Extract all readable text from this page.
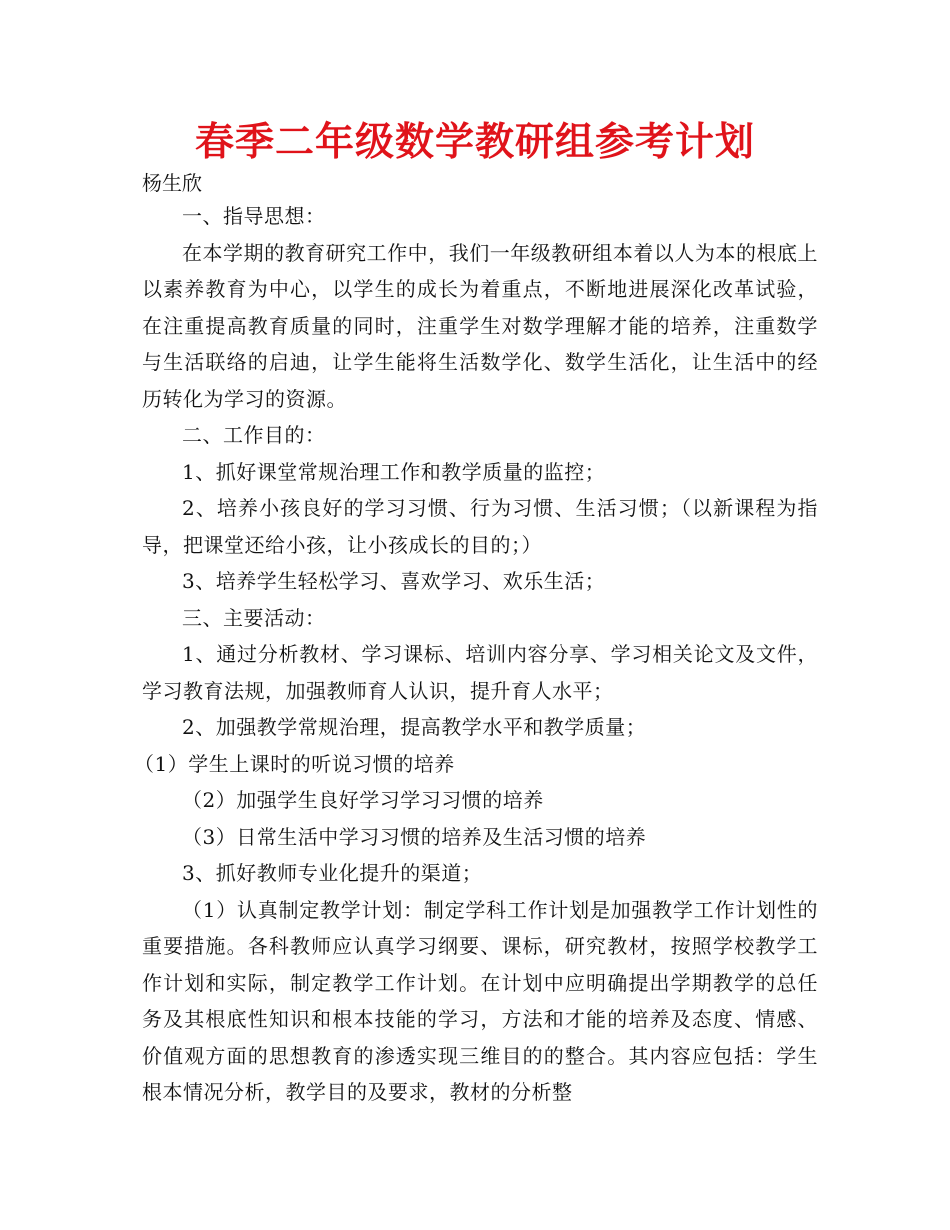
春季二年级数学教研组参考计划
杨生欣

一、指导思想：

在本学期的教育研究工作中，我们一年级教研组本着以人为本的根底上以素养教育为中心，以学生的成长为着重点，不断地进展深化改革试验，在注重提高教育质量的同时，注重学生对数学理解才能的培养，注重数学与生活联络的启迪，让学生能将生活数学化、数学生活化，让生活中的经历转化为学习的资源。

二、工作目的：

1、抓好课堂常规治理工作和教学质量的监控；

2、培养小孩良好的学习习惯、行为习惯、生活习惯；（以新课程为指导，把课堂还给小孩，让小孩成长的目的；）

3、培养学生轻松学习、喜欢学习、欢乐生活；

三、主要活动：

1、通过分析教材、学习课标、培训内容分享、学习相关论文及文件，学习教育法规，加强教师育人认识，提升育人水平；

2、加强教学常规治理，提高教学水平和教学质量；

（1）学生上课时的听说习惯的培养

（2）加强学生良好学习学习习惯的培养

（3）日常生活中学习习惯的培养及生活习惯的培养

3、抓好教师专业化提升的渠道；

（1）认真制定教学计划：制定学科工作计划是加强教学工作计划性的重要措施。各科教师应认真学习纲要、课标，研究教材，按照学校教学工作计划和实际，制定教学工作计划。在计划中应明确提出学期教学的总任务及其根底性知识和根本技能的学习，方法和才能的培养及态度、情感、价值观方面的思想教育的渗透实现三维目的的整合。其内容应包括：学生根本情况分析，教学目的及要求，教材的分析整
